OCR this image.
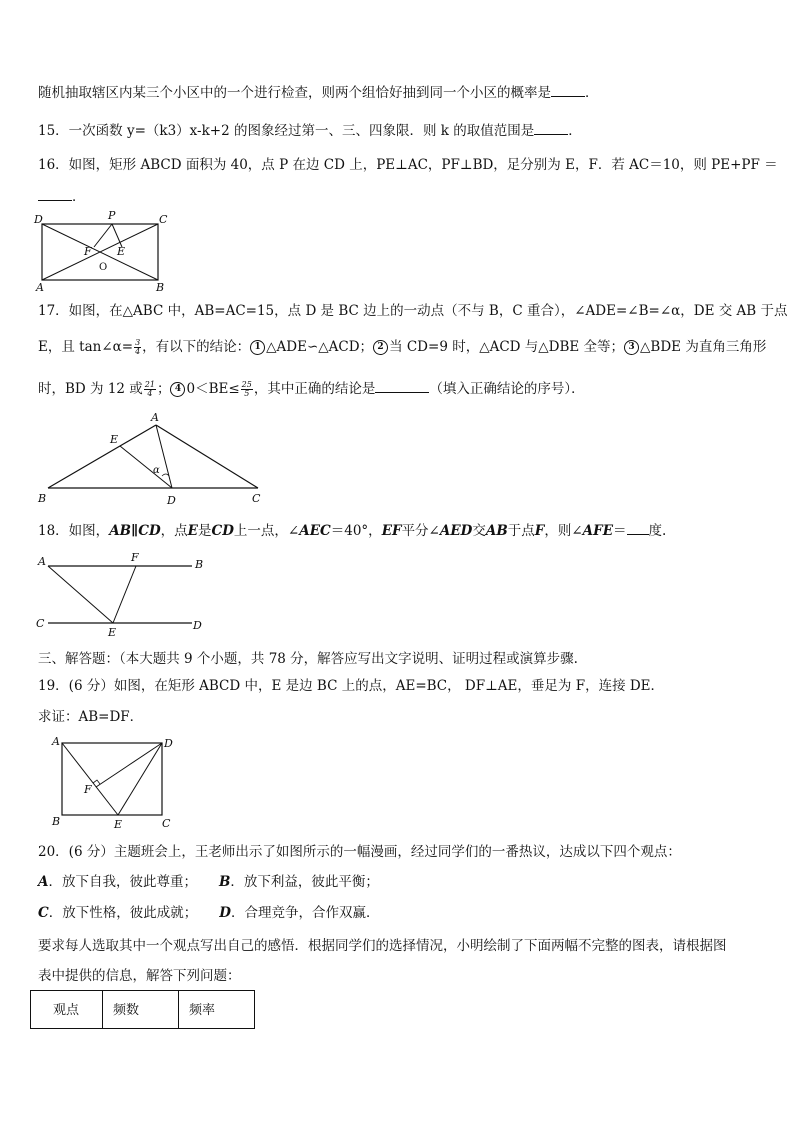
随机抽取辖区内某三个小区中的一个进行检查，则两个组恰好抽到同一个小区的概率是	．
15．一次函数 y=（k3）x-k+2 的图象经过第一、三、四象限．则 k 的取值范围是	．
16．如图，矩形 ABCD 面积为 40，点 P 在边 CD 上，PE⊥AC，PF⊥BD，足分别为 E，F．若 AC＝10，则 PE+PF ＝
．
D	P	C
F E
O
A	B
17．如图，在△ABC 中，AB=AC=15，点 D 是 BC 边上的一动点（不与 B，C 重合），∠ADE=∠B=∠α，DE 交 AB 于点
E，且 tan∠α= $\frac{3}{4}$ ，有以下的结论： 1 △ADE∽△ACD； 2 当 CD=9 时，△ACD 与△DBE 全等； 3 △BDE 为直角三角形
时，BD 为 12 或 $\frac{21}{4}$ ； 4 $0<BE\le \frac{25}{5}$ ，其中正确的结论是	（填入正确结论的序号）．
A
E
α
B	D	C
18．如图，AB∥CD，点E是CD上一点，∠AEC＝40°，EF平分∠AED交AB于点F，则∠AFE＝ 度.
A	F
B
C
E
D
三、解答题：（本大题共 9 个小题，共 78 分，解答应写出文字说明、证明过程或演算步骤.
19．(6 分）如图，在矩形 ABCD 中，E 是边 BC 上的点，AE=BC， DF⊥AE，垂足为 F，连接 DE．
求证：AB=DF．
A	D
F
B	E	C
20．(6 分）主题班会上，王老师出示了如图所示的一幅漫画，经过同学们的一番热议，达成以下四个观点：
A．放下自我，彼此尊重； B．放下利益，彼此平衡；
C．放下性格，彼此成就； D．合理竞争，合作双赢．
要求每人选取其中一个观点写出自己的感悟．根据同学们的选择情况，小明绘制了下面两幅不完整的图表，请根据图
表中提供的信息，解答下列问题：
观点	频数	频率
